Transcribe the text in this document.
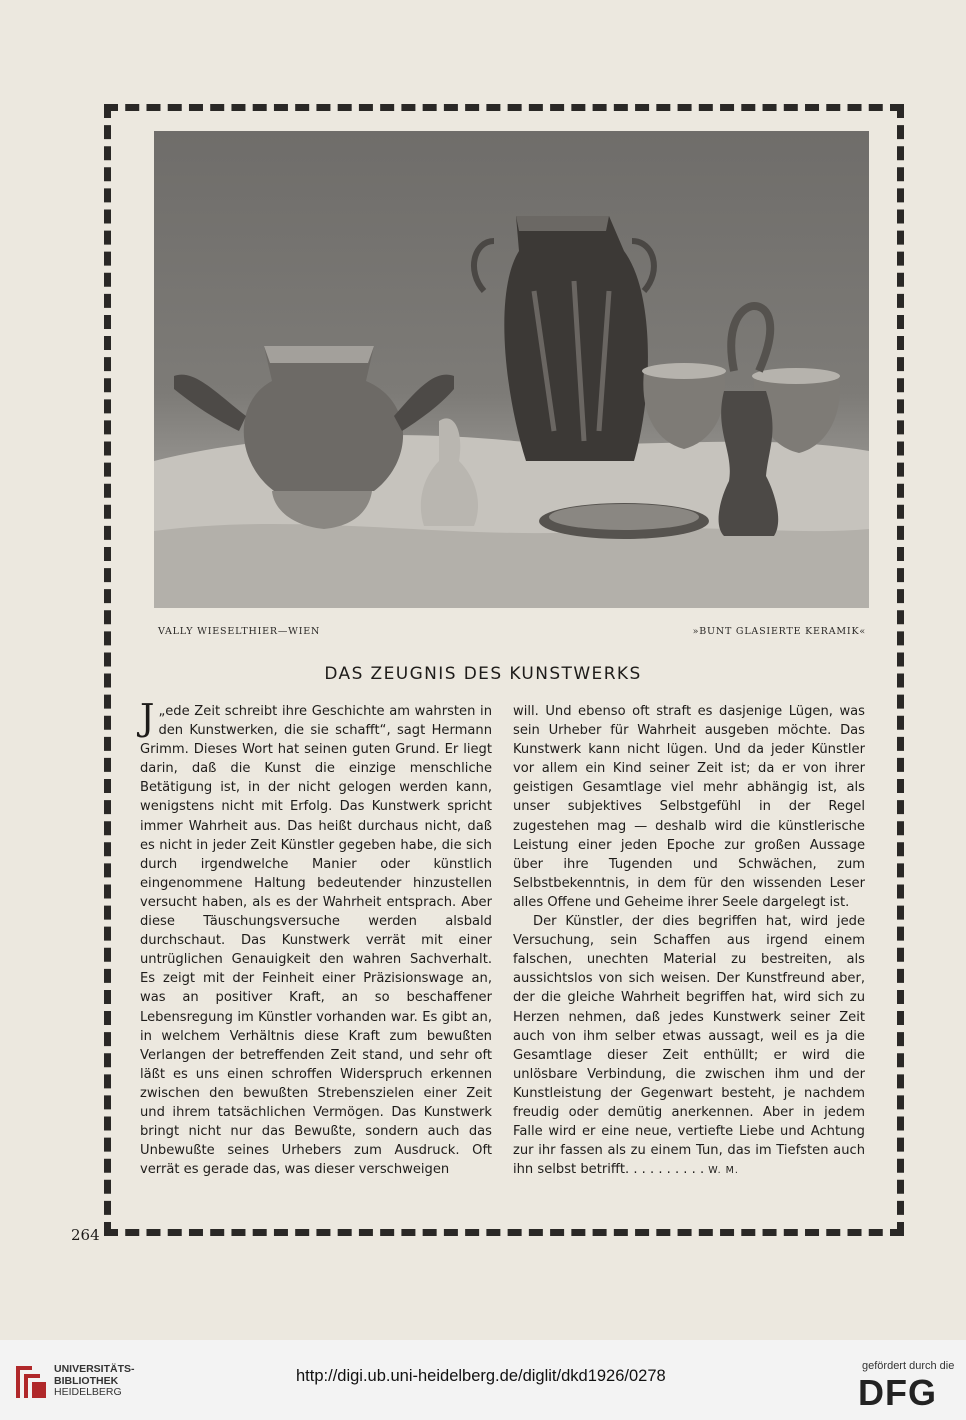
VALLY WIESELTHIER—WIEN	»BUNT GLASIERTE KERAMIK«
DAS ZEUGNIS DES KUNSTWERKS

J „ede Zeit schreibt ihre Geschichte am wahrsten in den Kunstwerken, die sie schafft“, sagt Hermann Grimm. Dieses Wort hat seinen guten Grund. Er liegt darin, daß die Kunst die einzige menschliche Betätigung ist, in der nicht gelogen werden kann, wenigstens nicht mit Erfolg. Das Kunstwerk spricht immer Wahrheit aus. Das heißt durchaus nicht, daß es nicht in jeder Zeit Künstler gegeben habe, die sich durch irgendwelche Manier oder künstlich eingenommene Haltung bedeutender hinzustellen versucht haben, als es der Wahrheit entsprach. Aber diese Täuschungsversuche werden alsbald durchschaut. Das Kunstwerk verrät mit einer untrüglichen Genauigkeit den wahren Sachverhalt. Es zeigt mit der Feinheit einer Präzisionswage an, was an positiver Kraft, an so beschaffener Lebensregung im Künstler vorhanden war. Es gibt an, in welchem Verhältnis diese Kraft zum bewußten Verlangen der betreffenden Zeit stand, und sehr oft läßt es uns einen schroffen Widerspruch erkennen zwischen den bewußten Strebenszielen einer Zeit und ihrem tatsächlichen Vermögen. Das Kunstwerk bringt nicht nur das Bewußte, sondern auch das Unbewußte seines Urhebers zum Ausdruck. Oft verrät es gerade das, was dieser verschweigen

will. Und ebenso oft straft es dasjenige Lügen, was sein Urheber für Wahrheit ausgeben möchte. Das Kunstwerk kann nicht lügen. Und da jeder Künstler vor allem ein Kind seiner Zeit ist; da er von ihrer geistigen Gesamtlage viel mehr abhängig ist, als unser subjektives Selbstgefühl in der Regel zugestehen mag — deshalb wird die künstlerische Leistung einer jeden Epoche zur großen Aussage über ihre Tugenden und Schwächen, zum Selbstbekenntnis, in dem für den wissenden Leser alles Offene und Geheime ihrer Seele dargelegt ist.

Der Künstler, der dies begriffen hat, wird jede Versuchung, sein Schaffen aus irgend einem falschen, unechten Material zu bestreiten, als aussichtslos von sich weisen. Der Kunstfreund aber, der die gleiche Wahrheit begriffen hat, wird sich zu Herzen nehmen, daß jedes Kunstwerk seiner Zeit auch von ihm selber etwas aussagt, weil es ja die Gesamtlage dieser Zeit enthüllt; er wird die unlösbare Verbindung, die zwischen ihm und der Kunstleistung der Gegenwart besteht, je nachdem freudig oder demütig anerkennen. Aber in jedem Falle wird er eine neue, vertiefte Liebe und Achtung zur ihr fassen als zu einem Tun, das im Tiefsten auch ihn selbst betrifft. . . . . . . . . . W. M.

264
UNIVERSITÄTS-
BIBLIOTHEK
HEIDELBERG
http://digi.ub.uni-heidelberg.de/diglit/dkd1926/0278
gefördert durch die
DFG
